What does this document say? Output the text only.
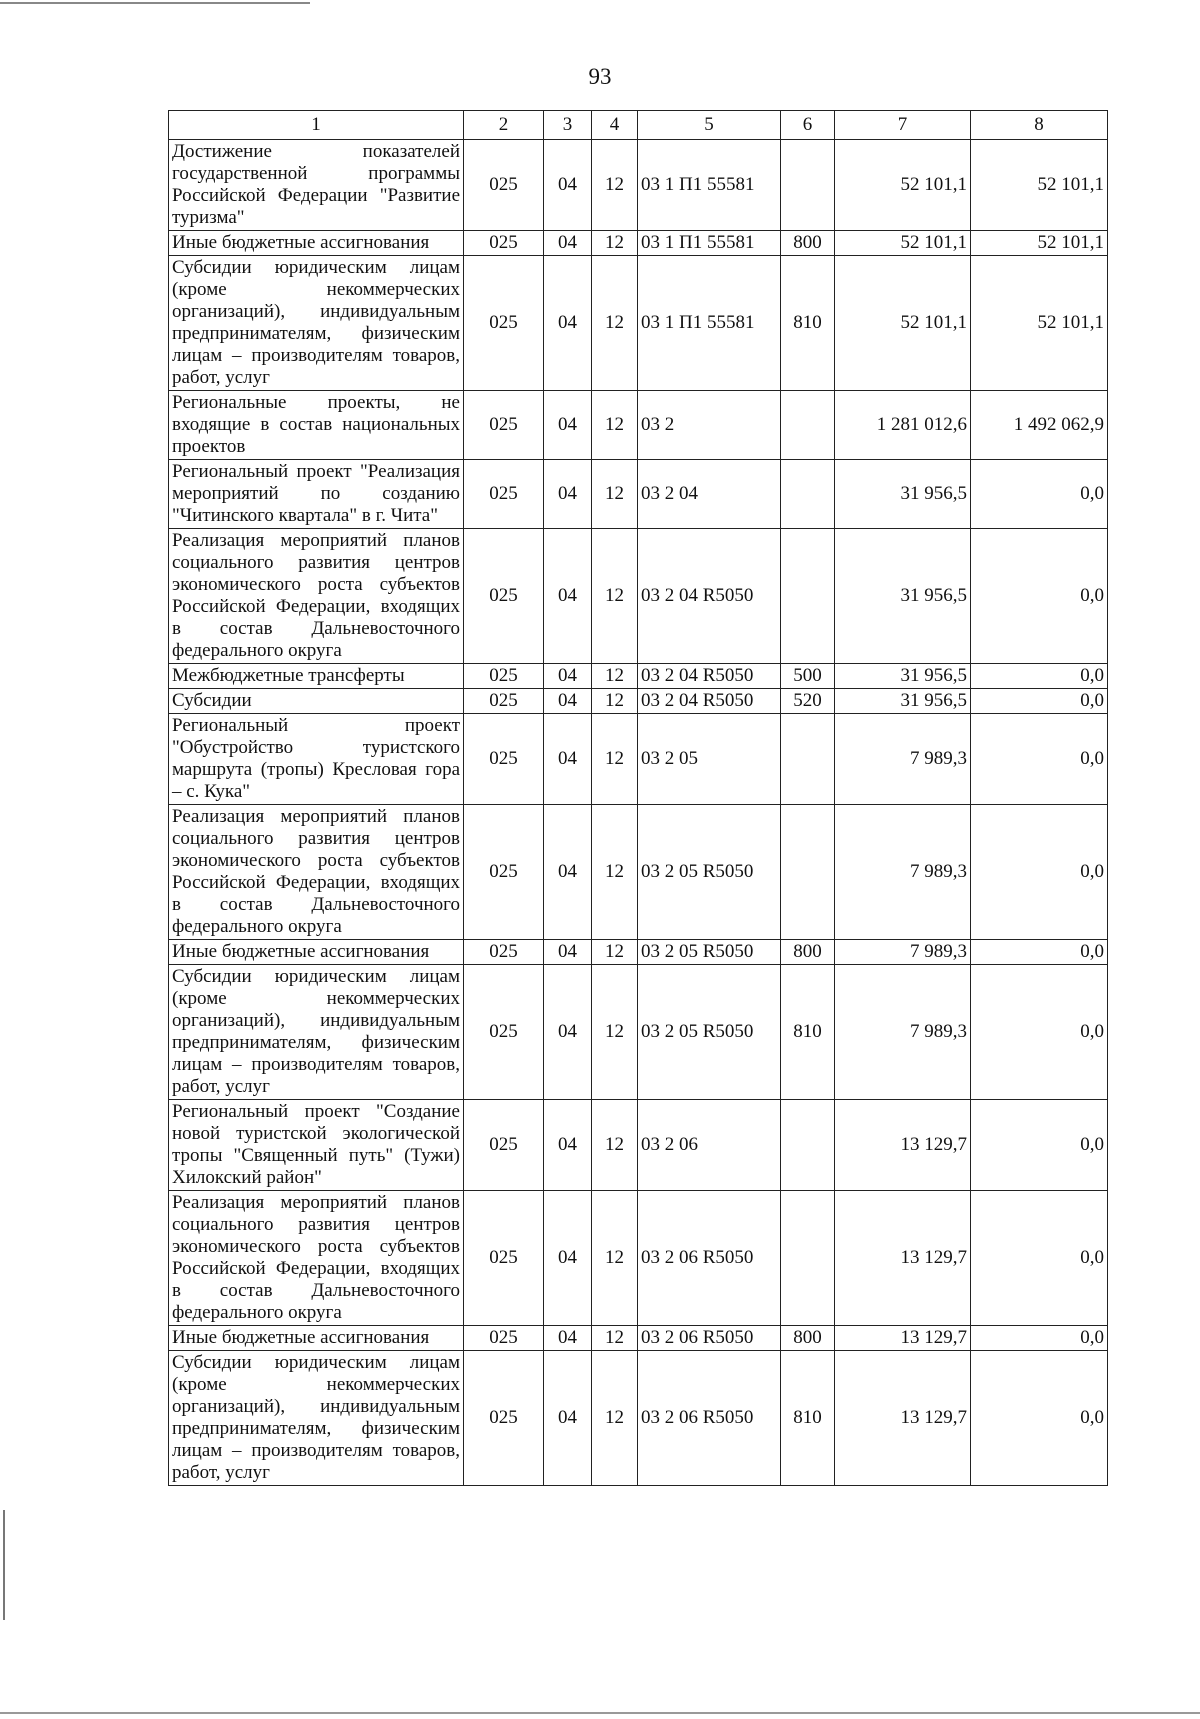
93
1	2	3	4	5	6	7	8
Достижение показателей государственной программы Российской Федерации "Развитие туризма"	025	04	12	03 1 П1 55581		52 101,1	52 101,1
Иные бюджетные ассигнования	025	04	12	03 1 П1 55581	800	52 101,1	52 101,1
Субсидии юридическим лицам (кроме некоммерческих организаций), индивидуальным предпринимателям, физическим лицам – производителям товаров, работ, услуг	025	04	12	03 1 П1 55581	810	52 101,1	52 101,1
Региональные проекты, не входящие в состав национальных проектов	025	04	12	03 2		1 281 012,6	1 492 062,9
Региональный проект "Реализация мероприятий по созданию "Читинского квартала" в г. Чита"	025	04	12	03 2 04		31 956,5	0,0
Реализация мероприятий планов социального развития центров экономического роста субъектов Российской Федерации, входящих в состав Дальневосточного федерального округа	025	04	12	03 2 04 R5050		31 956,5	0,0
Межбюджетные трансферты	025	04	12	03 2 04 R5050	500	31 956,5	0,0
Субсидии	025	04	12	03 2 04 R5050	520	31 956,5	0,0
Региональный проект "Обустройство туристского маршрута (тропы) Кресловая гора – с. Кука"	025	04	12	03 2 05		7 989,3	0,0
Реализация мероприятий планов социального развития центров экономического роста субъектов Российской Федерации, входящих в состав Дальневосточного федерального округа	025	04	12	03 2 05 R5050		7 989,3	0,0
Иные бюджетные ассигнования	025	04	12	03 2 05 R5050	800	7 989,3	0,0
Субсидии юридическим лицам (кроме некоммерческих организаций), индивидуальным предпринимателям, физическим лицам – производителям товаров, работ, услуг	025	04	12	03 2 05 R5050	810	7 989,3	0,0
Региональный проект "Создание новой туристской экологической тропы "Священный путь" (Тужи) Хилокский район"	025	04	12	03 2 06		13 129,7	0,0
Реализация мероприятий планов социального развития центров экономического роста субъектов Российской Федерации, входящих в состав Дальневосточного федерального округа	025	04	12	03 2 06 R5050		13 129,7	0,0
Иные бюджетные ассигнования	025	04	12	03 2 06 R5050	800	13 129,7	0,0
Субсидии юридическим лицам (кроме некоммерческих организаций), индивидуальным предпринимателям, физическим лицам – производителям товаров, работ, услуг	025	04	12	03 2 06 R5050	810	13 129,7	0,0
